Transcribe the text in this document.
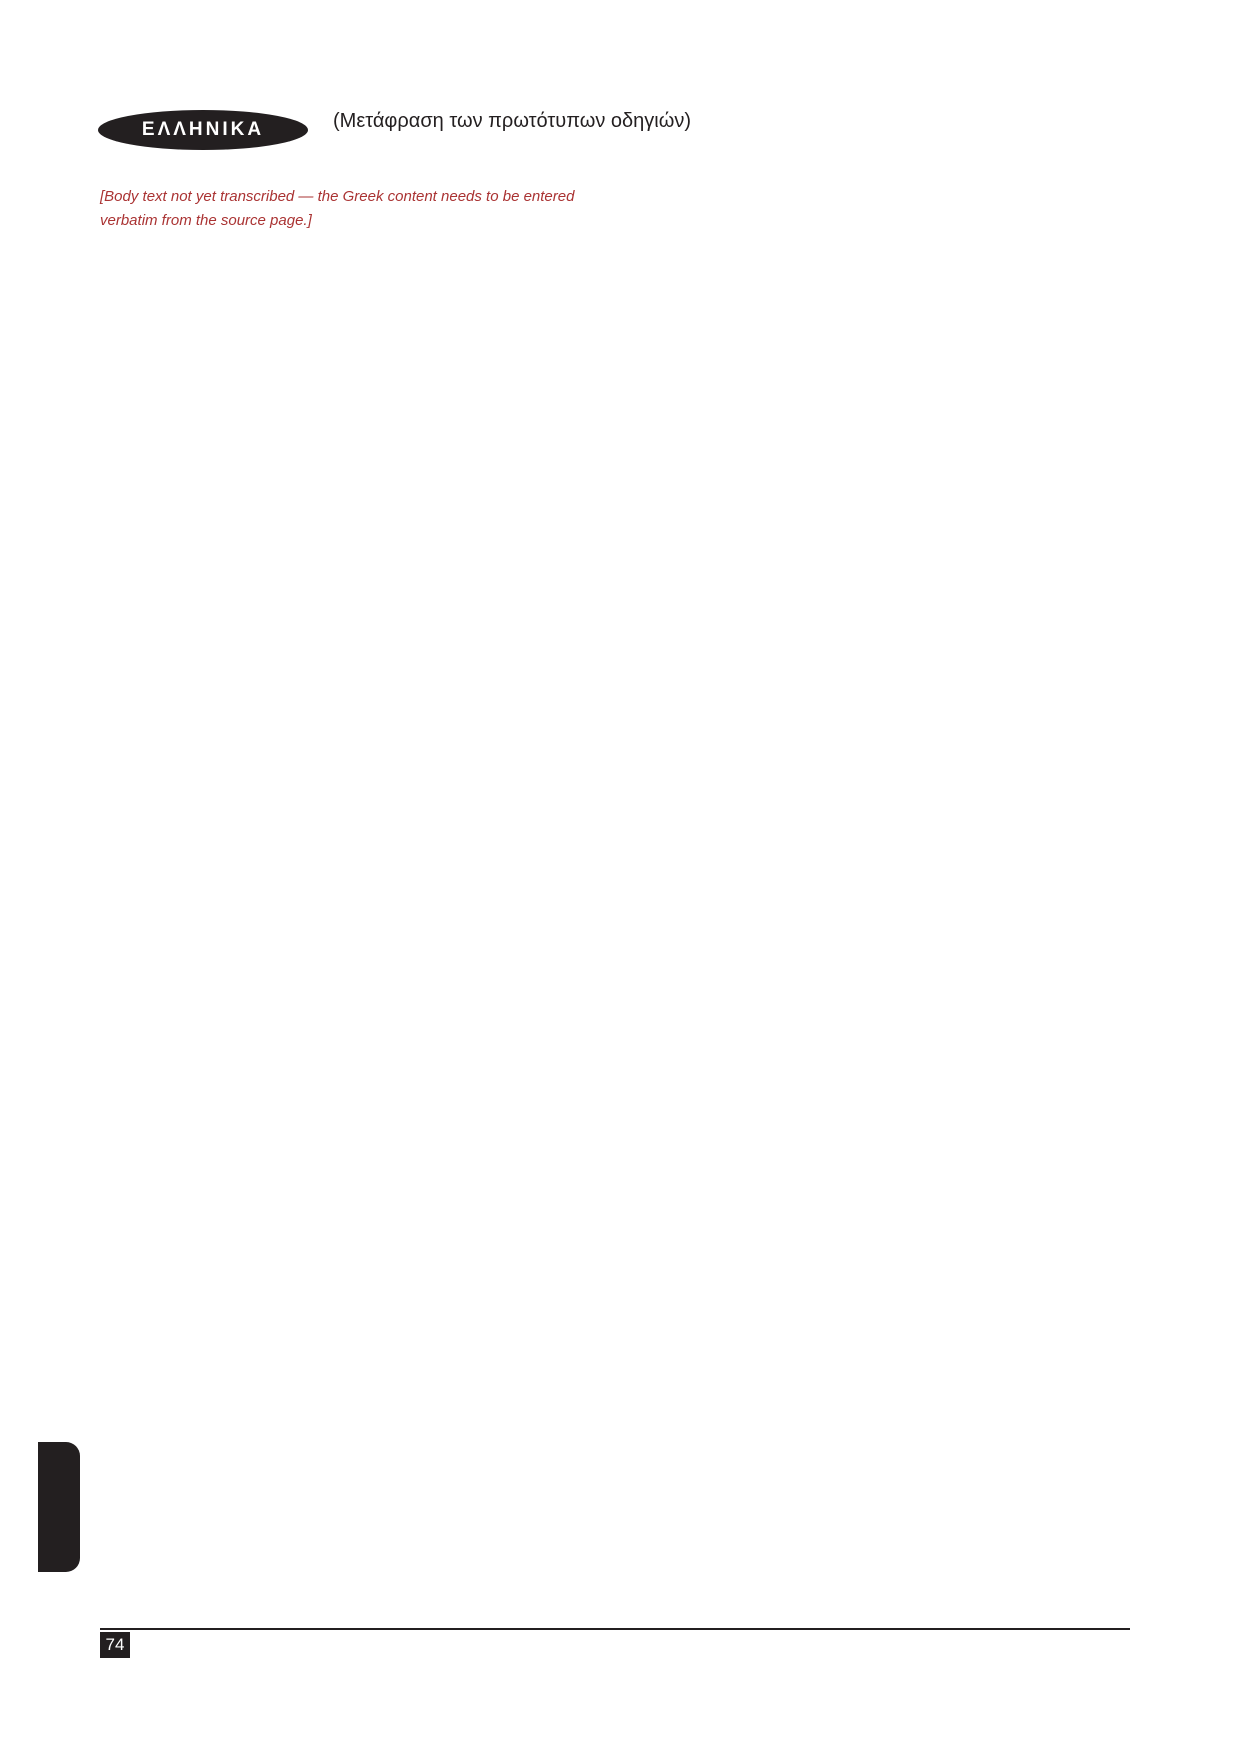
ΕΛΛΗΝΙΚΑ	(Μετάφραση των πρωτότυπων οδηγιών)

[Body text not yet transcribed — the Greek content needs to be entered verbatim from the source page.]

74
